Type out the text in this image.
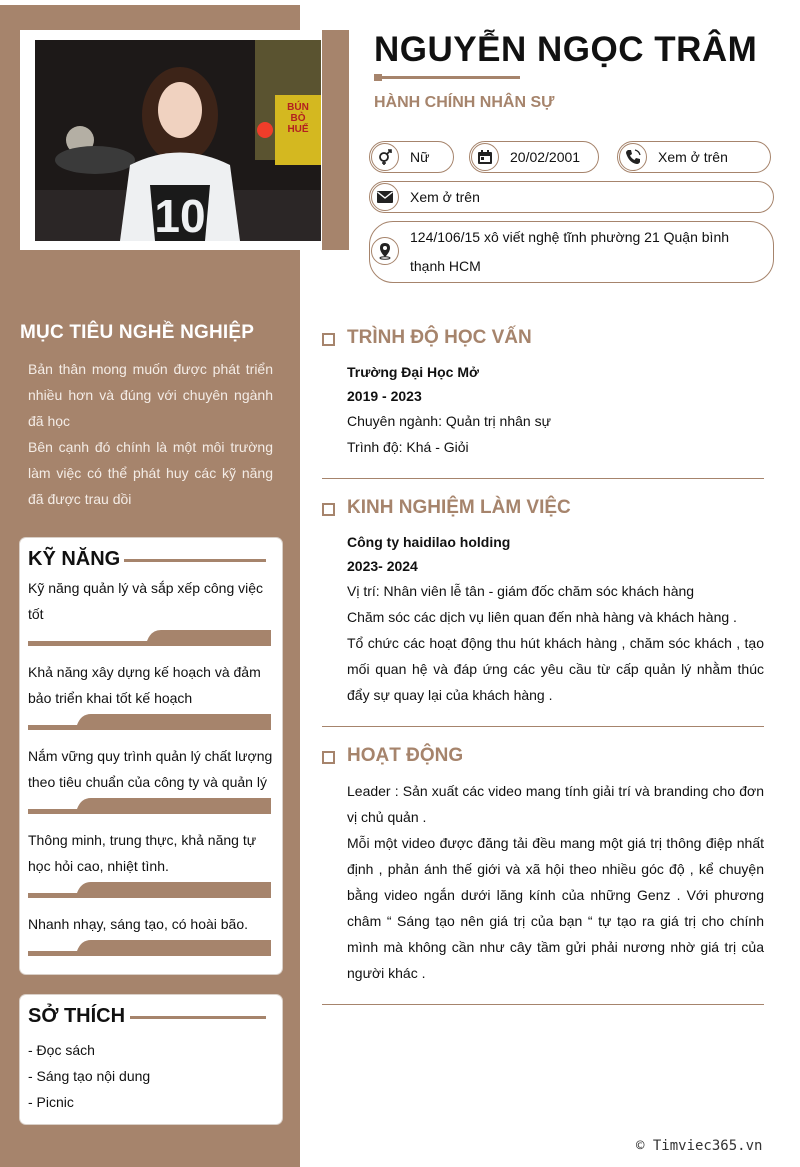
BÚN BÒ HUẾ
10
MỤC TIÊU NGHỀ NGHIỆP

Bản thân mong muốn được phát triển nhiều hơn và đúng với chuyên ngành đã học

Bên cạnh đó chính là một môi trường làm việc có thể phát huy các kỹ năng đã được trau dồi

KỸ NĂNG
Kỹ năng quản lý và sắp xếp công việc
tốt
Khả năng xây dựng kế hoạch và đảm
bảo triển khai tốt kế hoạch
Nắm vững quy trình quản lý chất lượng
theo tiêu chuẩn của công ty và quản lý
Thông minh, trung thực, khả năng tự
học hỏi cao, nhiệt tình.
Nhanh nhạy, sáng tạo, có hoài bão.
SỞ THÍCH
- Đọc sách
- Sáng tạo nội dung
- Picnic
NGUYỄN NGỌC TRÂM
HÀNH CHÍNH NHÂN SỰ
Nữ	20/02/2001	Xem ở trên
Xem ở trên
124/106/15 xô viết nghệ tĩnh phường 21 Quận bình
thạnh HCM
TRÌNH ĐỘ HỌC VẤN
Trường Đại Học Mở
2019 - 2023
Chuyên ngành: Quản trị nhân sự
Trình độ: Khá - Giỏi
KINH NGHIỆM LÀM VIỆC
Công ty haidilao holding
2023- 2024
Vị trí: Nhân viên lễ tân - giám đốc chăm sóc khách hàng
Chăm sóc các dịch vụ liên quan đến nhà hàng và khách hàng .
Tổ chức các hoạt động thu hút khách hàng , chăm sóc khách , tạo mối quan hệ và đáp ứng các yêu cầu từ cấp quản lý nhằm thúc đẩy sự quay lại của khách hàng .
HOẠT ĐỘNG
Leader : Sản xuất các video mang tính giải trí và branding cho đơn vị chủ quản .
Mỗi một video được đăng tải đều mang một giá trị thông điệp nhất định , phản ánh thế giới và xã hội theo nhiều góc độ , kể chuyện bằng video ngắn dưới lăng kính của những Genz . Với phương châm “ Sáng tạo nên giá trị của bạn “ tự tạo ra giá trị cho chính mình mà không cần như cây tầm gửi phải nương nhờ giá trị của người khác .
© Timviec365.vn
